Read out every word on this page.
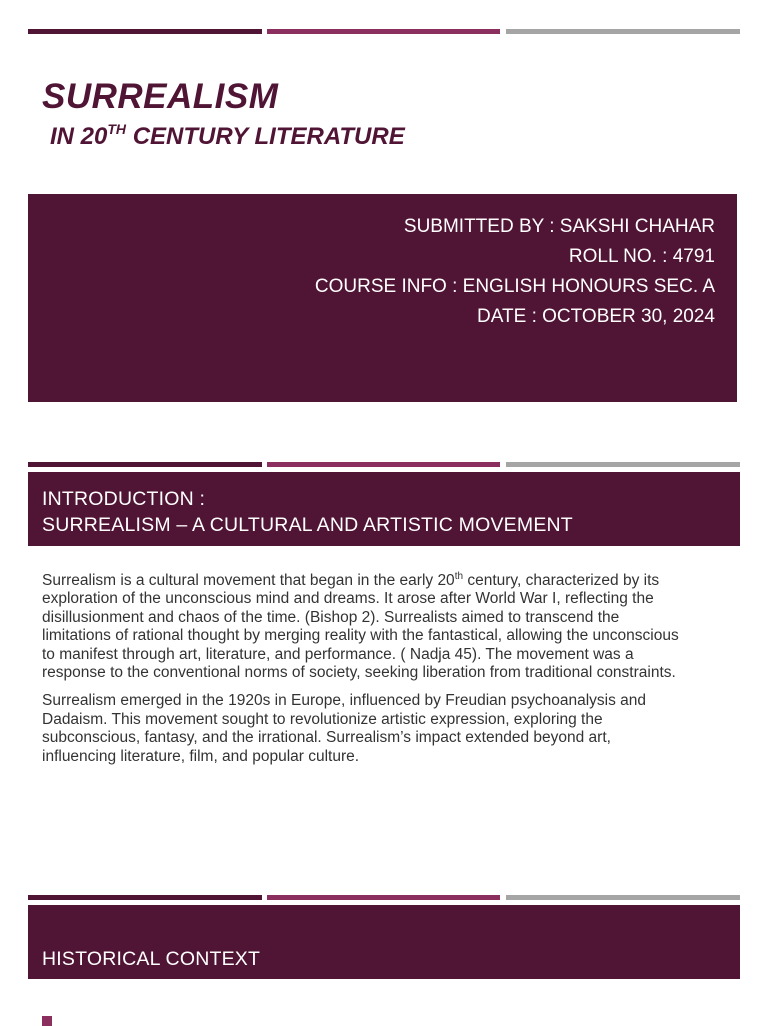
SURREALISM
IN 20TH CENTURY LITERATURE
SUBMITTED BY : SAKSHI CHAHAR
ROLL NO. : 4791
COURSE INFO : ENGLISH HONOURS SEC. A
DATE : OCTOBER 30, 2024
INTRODUCTION :
SURREALISM – A CULTURAL AND ARTISTIC MOVEMENT

Surrealism is a cultural movement that began in the early 20th century, characterized by its exploration of the unconscious mind and dreams. It arose after World War I, reflecting the disillusionment and chaos of the time. (Bishop 2). Surrealists aimed to transcend the limitations of rational thought by merging reality with the fantastical, allowing the unconscious to manifest through art, literature, and performance. ( Nadja 45). The movement was a response to the conventional norms of society, seeking liberation from traditional constraints.

Surrealism emerged in the 1920s in Europe, influenced by Freudian psychoanalysis and Dadaism. This movement sought to revolutionize artistic expression, exploring the subconscious, fantasy, and the irrational. Surrealism’s impact extended beyond art, influencing literature, film, and popular culture.

HISTORICAL CONTEXT
